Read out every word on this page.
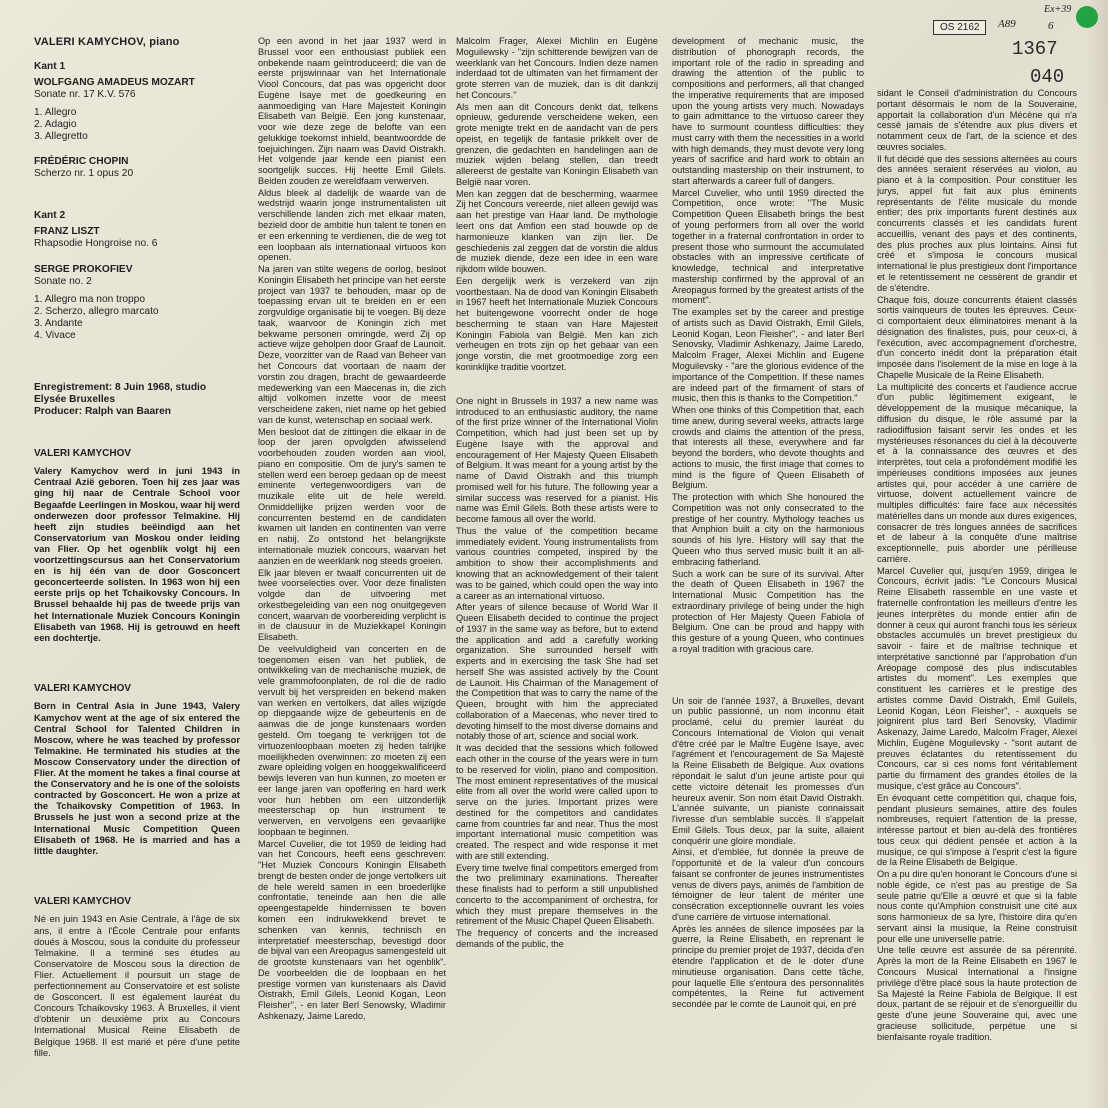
VALERI KAMYCHOV, piano
Kant 1
WOLFGANG AMADEUS MOZART
Sonate nr. 17 K.V. 576
1. Allegro
2. Adagio
3. Allegretto
FRÉDÉRIC CHOPIN
Scherzo nr. 1 opus 20
Kant 2
FRANZ LISZT
Rhapsodie Hongroise no. 6
SERGE PROKOFIEV
Sonate no. 2
1. Allegro ma non troppo
2. Scherzo, allegro marcato
3. Andante
4. Vivace
Enregistrement: 8 Juin 1968, studio
Elysée Bruxelles
Producer: Ralph van Baaren
VALERI KAMYCHOV
Valery Kamychov werd in juni 1943 in Centraal Azië geboren. Toen hij zes jaar was ging hij naar de Centrale School voor Begaafde Leerlingen in Moskou, waar hij werd onderwezen door professor Telmakine. Hij heeft zijn studies beëindigd aan het Conservatorium van Moskou onder leiding van Flier. Op het ogenblik volgt hij een voortzettingscursus aan het Conservatorium en is hij één van de door Gosconcert geconcerteerde solisten. In 1963 won hij een eerste prijs op het Tchaikovsky Concours. In Brussel behaalde hij pas de tweede prijs van het Internationale Muziek Concours Koningin Elisabeth van 1968. Hij is getrouwd en heeft een dochtertje.
VALERI KAMYCHOV
Born in Central Asia in June 1943, Valery Kamychov went at the age of six entered the Central School for Talented Children in Moscow, where he was teached by professor Telmakine. He terminated his studies at the Moscow Conservatory under the direction of Flier. At the moment he takes a final course at the Conservatory and he is one of the soloists contracted by Gosconcert. He won a prize at the Tchaikovsky Competition of 1963. In Brussels he just won a second prize at the International Music Competition Queen Elisabeth of 1968. He is married and has a little daughter.
VALERI KAMYCHOV
Né en juin 1943 en Asie Centrale, à l'âge de six ans, il entre à l'École Centrale pour enfants doués à Moscou, sous la conduite du professeur Telmakine. Il a terminé ses études au Conservatoire de Moscou sous la direction de Flier. Actuellement il poursuit un stage de perfectionnement au Conservatoire et est soliste de Gosconcert. Il est également lauréat du Concours Tchaikovsky 1963. À Bruxelles, il vient d'obtenir un deuxième prix au Concours International Musical Reine Elisabeth de Belgique 1968. Il est marié et père d'une petite fille.

Op een avond in het jaar 1937 werd in Brussel voor een enthousiast publiek een onbekende naam geïntroduceerd; die van de eerste prijswinnaar van het Internationale Viool Concours, dat pas was opgericht door Eugène Isaye met de goedkeuring en aanmoediging van Hare Majesteit Koningin Elisabeth van België. Een jong kunstenaar, voor wie deze zege de belofte van een gelukkige toekomst inhield, beantwoordde de toejuichingen. Zijn naam was David Oistrakh. Het volgende jaar kende een pianist een soortgelijk succes. Hij heette Emil Gilels. Beiden zouden ze wereldfaam verwerven.

Aldus bleek al dadelijk de waarde van de wedstrijd waarin jonge instrumentalisten uit verschillende landen zich met elkaar maten, bezield door de ambitie hun talent te tonen en er een erkenning te verdienen, die de weg tot een loopbaan als internationaal virtuoos kon openen.

Na jaren van stilte wegens de oorlog, besloot Koningin Elisabeth het principe van het eerste project van 1937 te behouden, maar op de toepassing ervan uit te breiden en er een zorgvuldige organisatie bij te voegen. Bij deze taak, waarvoor de Koningin zich met bekwame personen omringde, werd Zij op actieve wijze geholpen door Graaf de Launoit. Deze, voorzitter van de Raad van Beheer van het Concours dat voortaan de naam der vorstin zou dragen, bracht de gewaardeerde medewerking van een Maecenas in, die zich altijd volkomen inzette voor de meest verscheidene zaken, niet name op het gebied van de kunst, wetenschap en sociaal werk.

Men besloot dat de zittingen die elkaar in de loop der jaren opvolgden afwisselend voorbehouden zouden worden aan viool, piano en compositie. Om de jury's samen te stellen werd een beroep gedaan op de meest eminente vertegenwoordigers van de muzikale elite uit de hele wereld. Onmiddellijke prijzen werden voor de concurrenten bestemd en de candidaten kwamen uit landen en continenten van verre en nabij. Zo ontstond het belangrijkste internationale muziek concours, waarvan het aanzien en de weerklank nog steeds groeien.

Elk jaar bleven er twaalf concurrenten uit de twee voorselecties over. Voor deze finalisten volgde dan de uitvoering met orkestbegeleiding van een nog onuitgegeven concert, waarvan de voorbereiding verplicht is in de clausuur in de Muziekkapel Koningin Elisabeth.

De veelvuldigheid van concerten en de toegenomen eisen van het publiek, de ontwikkeling van de mechanische muziek, de vele grammofoonplaten, de rol die de radio vervult bij het verspreiden en bekend maken van werken en vertolkers, dat alles wijzigde op diepgaande wijze de gebeurtenis en de aanwas die de jonge kunstenaars worden gesteld. Om toegang te verkrijgen tot de virtuozenloopbaan moeten zij heden talrijke moeilijkheden overwinnen: zo moeten zij een zware opleiding volgen en hooggekwalificeerd bewijs leveren van hun kunnen, zo moeten er eer lange jaren van opoffering en hard werk voor hun hebben om een uitzonderlijk meesterschap op hun instrument te verwerven, en vervolgens een gevaarlijke loopbaan te beginnen.

Marcel Cuvelier, die tot 1959 de leiding had van het Concours, heeft eens geschreven: "Het Muziek Concours Koningin Elisabeth brengt de besten onder de jonge vertolkers uit de hele wereld samen in een broederlijke confrontatie, teneinde aan hen die alle opeengestapelde hindernissen te boven komen een indrukwekkend brevet te schenken van kennis, technisch en interpretatief meesterschap, bevestigd door de bijval van een Areopagus samengesteld uit de grootste kunstenaars van het ogenblik". De voorbeelden die de loopbaan en het prestige vormen van kunstenaars als David Oistrakh, Emil Gilels, Leonid Kogan, Leon Fleisher", - en later Berl Senowsky, Wladimir Ashkenazy, Jaime Laredo,

Malcolm Frager, Alexei Michlin en Eugène Moguilewsky - "zijn schitterende bewijzen van de weerklank van het Concours. Indien deze namen inderdaad tot de ultimaten van het firmament der grote sterren van de muziek, dan is dit dankzij het Concours."

Als men aan dit Concours denkt dat, telkens opnieuw, gedurende verscheidene weken, een grote menigte trekt en de aandacht van de pers opeist, en tegelijk de fantasie prikkelt over de grenzen, die gedachten en handelingen aan de muziek wijden belang stellen, dan treedt allereerst de gestalte van Koningin Elisabeth van België naar voren.

Men kan zeggen dat de bescherming, waarmee Zij het Concours vereerde, niet alleen gewijd was aan het prestige van Haar land. De mythologie leert ons dat Amfion een stad bouwde op de harmonieuze klanken van zijn lier. De geschiedenis zal zeggen dat de vorstin die aldus de muziek diende, deze een idee in een ware rijkdom wilde bouwen.

Een dergelijk werk is verzekerd van zijn voortbestaan. Na de dood van Koningin Elisabeth in 1967 heeft het Internationale Muziek Concours het buitengewone voorrecht onder de hoge bescherming te staan van Hare Majesteit Koningin Fabiola van België. Men kan zich verheugen en trots zijn op het gebaar van een jonge vorstin, die met grootmoedige zorg een koninklijke traditie voortzet.

One night in Brussels in 1937 a new name was introduced to an enthusiastic auditory, the name of the first prize winner of the International Violin Competition, which had just been set up by Eugène Isaye with the approval and encouragement of Her Majesty Queen Elisabeth of Belgium. It was meant for a young artist by the name of David Oistrakh and this triumph promised well for his future. The following year a similar success was reserved for a pianist. His name was Emil Gilels. Both these artists were to become famous all over the world.

Thus the value of the competition became immediately evident. Young instrumentalists from various countries competed, inspired by the ambition to show their accomplishments and knowing that an acknowledgement of their talent was to be gained, which could open the way into a career as an international virtuoso.

After years of silence because of World War II Queen Elisabeth decided to continue the project of 1937 in the same way as before, but to extend the application and add a carefully working organization. She surrounded herself with experts and in exercising the task She had set herself She was assisted actively by the Count de Launoit. His Chairman of the Management of the Competition that was to carry the name of the Queen, brought with him the appreciated collaboration of a Maecenas, who never tired to devoting himself to the most diverse domains and notably those of art, science and social work.

It was decided that the sessions which followed each other in the course of the years were in turn to be reserved for violin, piano and composition. The most eminent representatives of the musical elite from all over the world were called upon to serve on the juries. Important prizes were destined for the competitors and candidates came from countries far and near. Thus the most important international music competition was created. The respect and wide response it met with are still extending.

Every time twelve final competitors emerged from the two preliminary examinations. Thereafter these finalists had to perform a still unpublished concerto to the accompaniment of orchestra, for which they must prepare themselves in the retirement of the Music Chapel Queen Elisabeth.

The frequency of concerts and the increased demands of the public, the

development of mechanic music, the distribution of phonograph records, the important role of the radio in spreading and drawing the attention of the public to compositions and performers, all that changed the imperative requirements that are imposed upon the young artists very much. Nowadays to gain admittance to the virtuoso career they have to surmount countless difficulties: they must carry with them the necessities in a world with high demands, they must devote very long years of sacrifice and hard work to obtain an outstanding mastership on their instrument, to start afterwards a career full of dangers.

Marcel Cuvelier, who until 1959 directed the Competition, once wrote: "The Music Competition Queen Elisabeth brings the best of young performers from all over the world together in a fraternal confrontation in order to present those who surmount the accumulated obstacles with an impressive certificate of knowledge, technical and interpretative mastership confirmed by the approval of an Areopagus formed by the greatest artists of the moment".

The examples set by the career and prestige of artists such as David Oistrakh, Emil Gilels, Leonid Kogan, Leon Fleisher", - and later Berl Senovsky, Vladimir Ashkenazy, Jaime Laredo, Malcolm Frager, Alexei Michlin and Eugene Moguilevsky - "are the glorious evidence of the importance of the Competition. If these names are indeed part of the firmament of stars of music, then this is thanks to the Competition."

When one thinks of this Competition that, each time anew, during several weeks, attracts large crowds and claims the attention of the press, that interests all these, everywhere and far beyond the borders, who devote thoughts and actions to music, the first image that comes to mind is the figure of Queen Elisabeth of Belgium.

The protection with which She honoured the Competition was not only consecrated to the prestige of her country. Mythology teaches us that Amphion built a city on the harmonious sounds of his lyre. History will say that the Queen who thus served music built it an all-embracing fatherland.

Such a work can be sure of its survival. After the death of Queen Elisabeth in 1967 the International Music Competition has the extraordinary privilege of being under the high protection of Her Majesty Queen Fabiola of Belgium. One can be proud and happy with this gesture of a young Queen, who continues a royal tradition with gracious care.

Un soir de l'année 1937, à Bruxelles, devant un public passionné, un nom inconnu était proclamé, celui du premier lauréat du Concours International de Violon qui venait d'être créé par le Maître Eugène Isaye, avec l'agrément et l'encouragement de Sa Majesté la Reine Elisabeth de Belgique. Aux ovations répondait le salut d'un jeune artiste pour qui cette victoire détenait les promesses d'un heureux avenir. Son nom était David Oistrakh. L'année suivante, un pianiste connaissait l'ivresse d'un semblable succès. Il s'appelait Emil Gilels. Tous deux, par la suite, allaient conquérir une gloire mondiale.

Ainsi, et d'emblée, fut donnée la preuve de l'opportunité et de la valeur d'un concours faisant se confronter de jeunes instrumentistes venus de divers pays, animés de l'ambition de témoigner de leur talent de mériter une consécration exceptionnelle ouvrant les voies d'une carrière de virtuose international.

Après les années de silence imposées par la guerre, la Reine Elisabeth, en reprenant le principe du premier projet de 1937, décida d'en étendre l'application et de le doter d'une minutieuse organisation. Dans cette tâche, pour laquelle Elle s'entoura des personnalités compétentes, la Reine fut activement secondée par le comte de Launoit qui, en pré

sidant le Conseil d'administration du Concours portant désormais le nom de la Souveraine, apportait la collaboration d'un Mécène qui n'a cessé jamais de s'étendre aux plus divers et notamment ceux de l'art, de la science et des œuvres sociales.

Il fut décidé que des sessions alternées au cours des années seraient réservées au violon, au piano et à la composition. Pour constituer les jurys, appel fut fait aux plus éminents représentants de l'élite musicale du monde entier; des prix importants furent destinés aux concurrents classés et les candidats furent accueillis, venant des pays et des continents, des plus proches aux plus lointains. Ainsi fut créé et s'imposa le concours musical international le plus prestigieux dont l'importance et le retentissement ne cessèrent de grandir et de s'étendre.

Chaque fois, douze concurrents étaient classés sortis vainqueurs de toutes les épreuves. Ceux-ci comportaient deux éliminatoires menant à la désignation des finalistes, puis, pour ceux-ci, à l'exécution, avec accompagnement d'orchestre, d'un concerto inédit dont la préparation était imposée dans l'isolement de la mise en loge à la Chapelle Musicale de la Reine Elisabeth.

La multiplicité des concerts et l'audience accrue d'un public légitimement exigeant, le développement de la musique mécanique, la diffusion du disque, le rôle assumé par la radiodiffusion faisant servir les ondes et les mystérieuses résonances du ciel à la découverte et à la connaissance des œuvres et des interprètes, tout cela a profondément modifié les impérieuses conditions imposées aux jeunes artistes qui, pour accéder à une carrière de virtuose, doivent actuellement vaincre de multiples difficultés: faire face aux nécessités matérielles dans un monde aux dures exigences, consacrer de très longues années de sacrifices et de labeur à la conquête d'une maîtrise exceptionnelle, puis aborder une périlleuse carrière.

Marcel Cuvelier qui, jusqu'en 1959, dirigea le Concours, écrivit jadis: "Le Concours Musical Reine Elisabeth rassemble en une vaste et fraternelle confrontation les meilleurs d'entre les jeunes interprètes du monde entier afin de donner à ceux qui auront franchi tous les sérieux obstacles accumulés un brevet prestigieux du savoir - faire et de maîtrise technique et interprétative sanctionné par l'approbation d'un Aréopage composé des plus indiscutables artistes du moment". Les exemples que constituent les carrières et le prestige des artistes comme David Oistrakh, Emil Guilels, Leonid Kogan, Léon Fleisher", - auxquels se joignirent plus tard Berl Senovsky, Vladimir Askenazy, Jaime Laredo, Malcolm Frager, Alexei Michlin, Eugène Moguilevsky - "sont autant de preuves éclatantes du retentissement du Concours, car si ces noms font véritablement partie du firmament des grandes étoiles de la musique, c'est grâce au Concours".

En évoquant cette compétition qui, chaque fois, pendant plusieurs semaines, attire des foules nombreuses, requiert l'attention de la presse, intéresse partout et bien au-delà des frontières tous ceux qui dédient pensée et action à la musique, ce qui s'impose à l'esprit c'est la figure de la Reine Elisabeth de Belgique.

On a pu dire qu'en honorant le Concours d'une si noble égide, ce n'est pas au prestige de Sa seule patrie qu'Elle a œuvré et que si la fable nous conte qu'Amphion construisit une cité aux sons harmonieux de sa lyre, l'histoire dira qu'en servant ainsi la musique, la Reine construisit pour elle une universelle patrie.

Une telle œuvre est assurée de sa pérennité. Après la mort de la Reine Elisabeth en 1967 le Concours Musical International a l'insigne privilège d'être placé sous la haute protection de Sa Majesté la Reine Fabiola de Belgique. Il est doux, partant de se réjouir et de s'enorgueillir du geste d'une jeune Souveraine qui, avec une gracieuse sollicitude, perpétue une si bienfaisante royale tradition.

OS 2162
Ex+39
A89	6
1367
040
